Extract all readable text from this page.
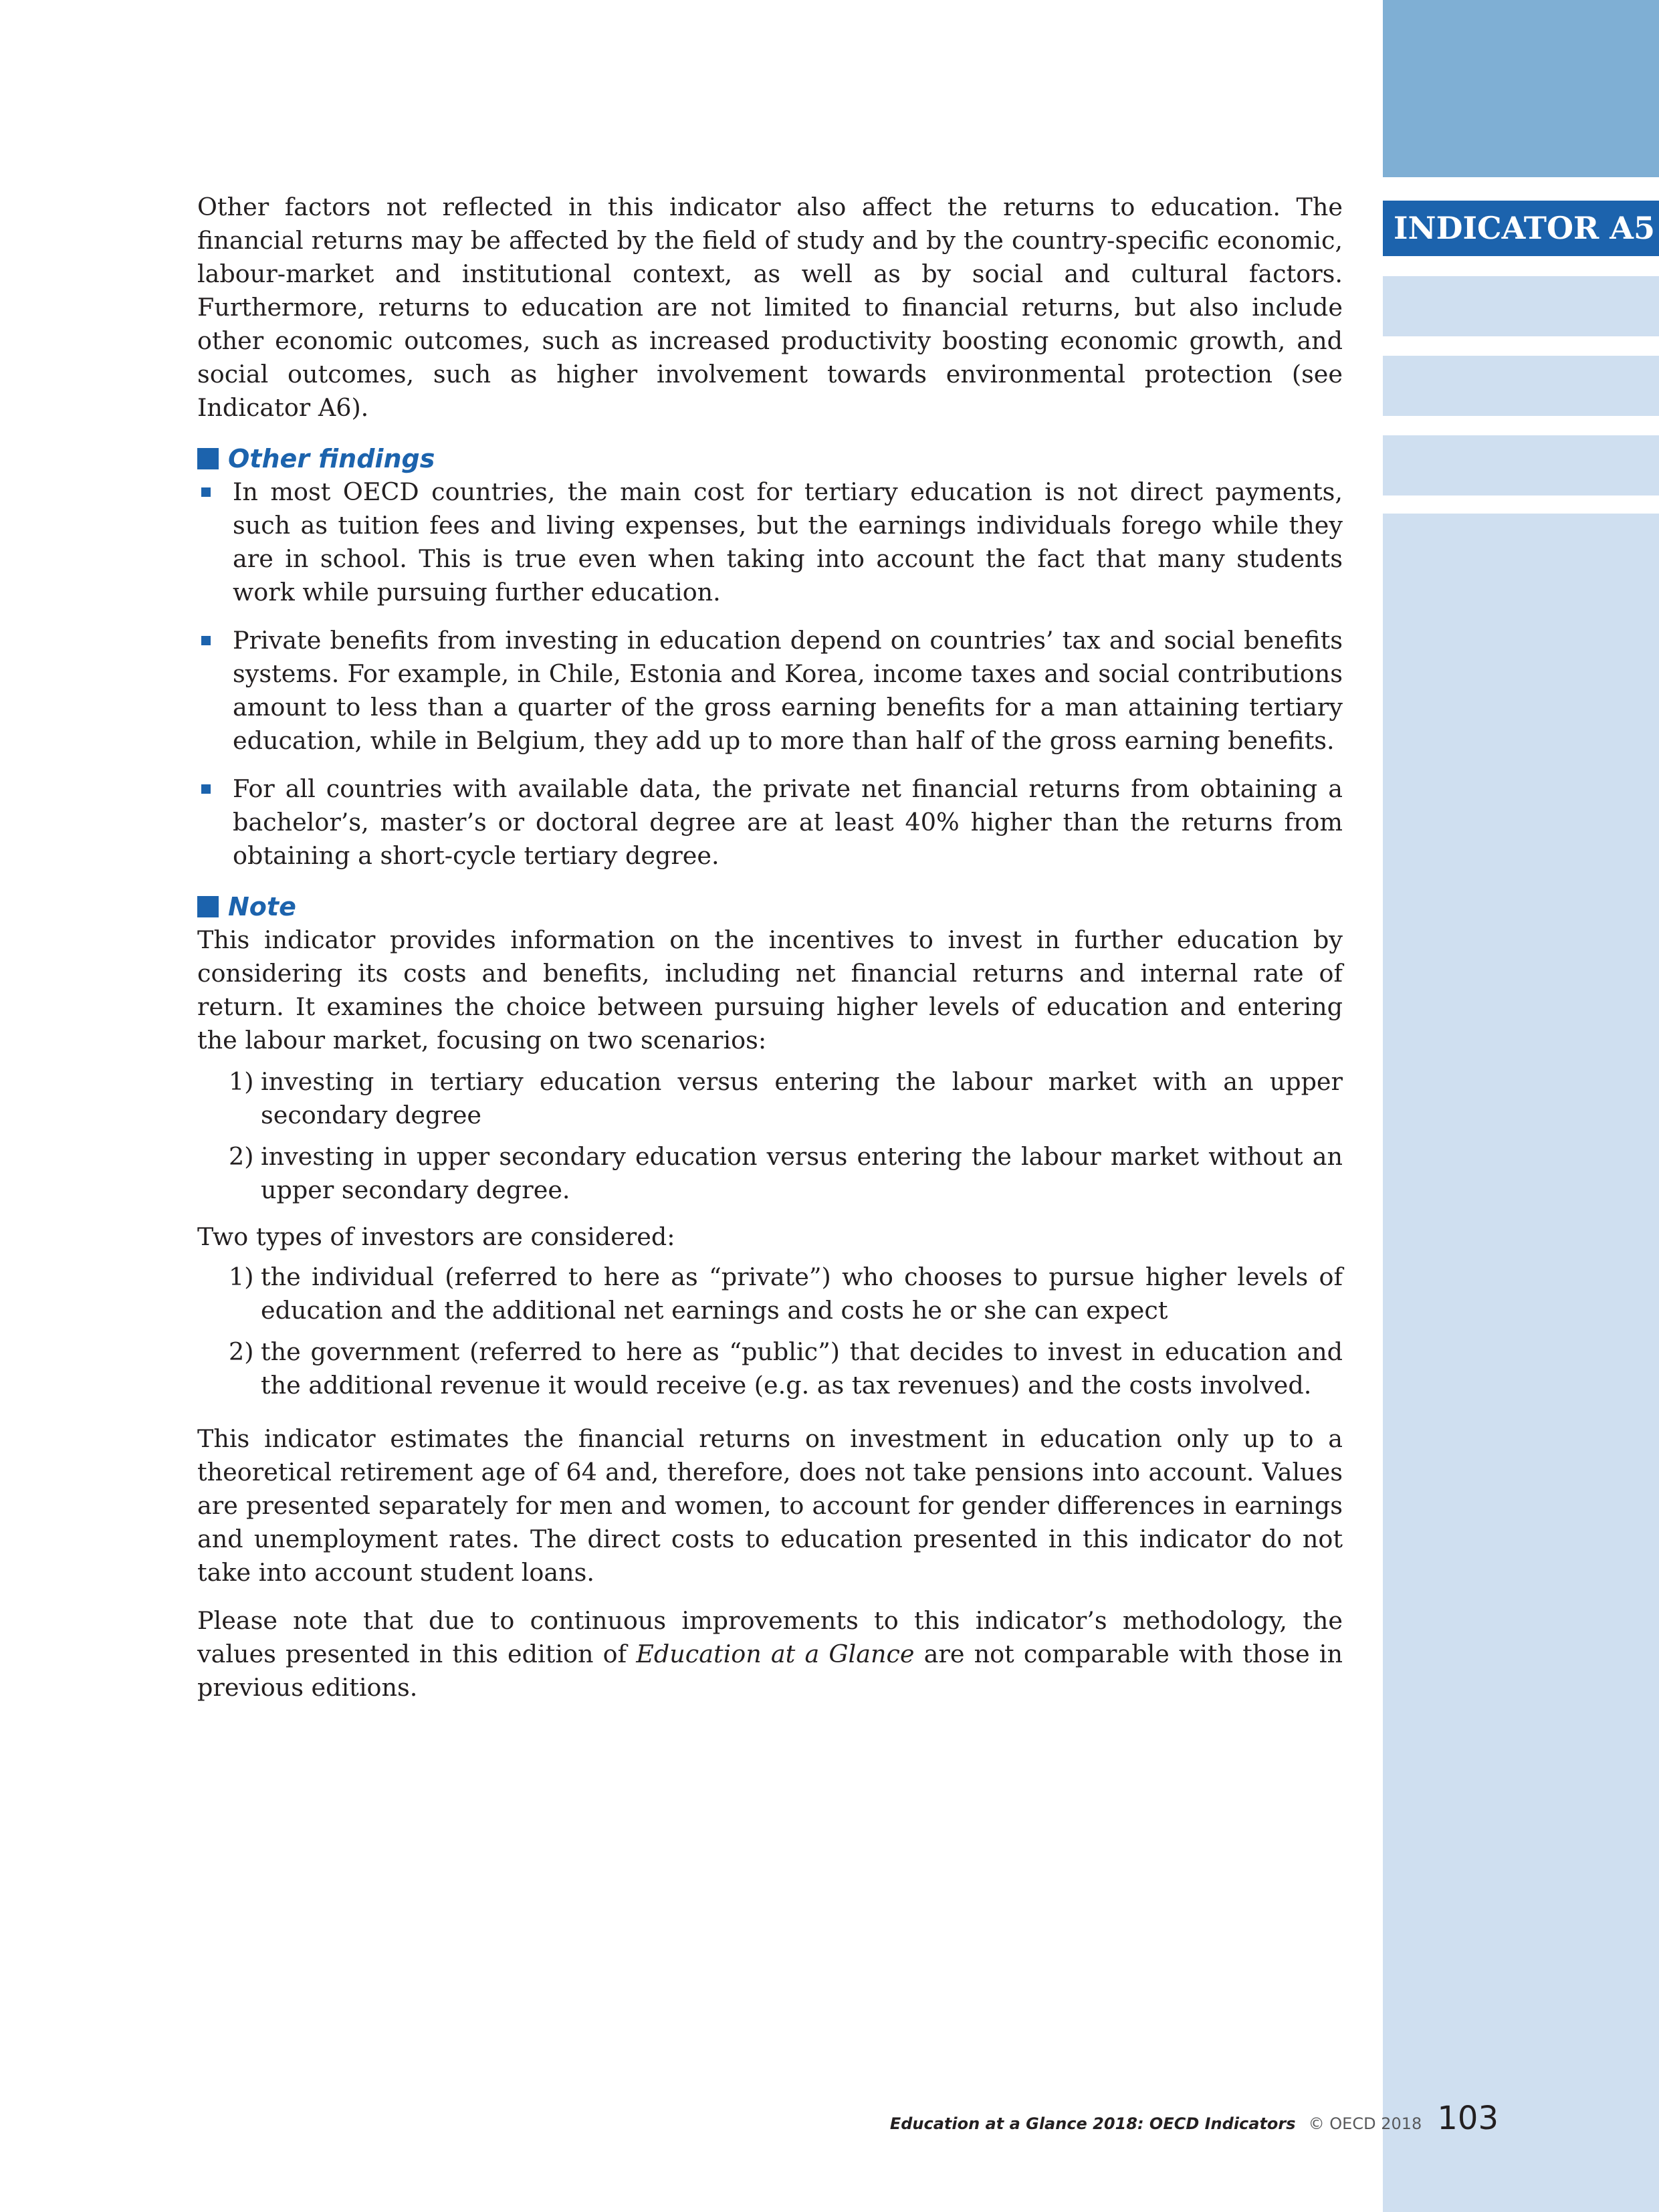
INDICATOR A5

Other factors not reflected in this indicator also affect the returns to education. The financial returns may be affected by the field of study and by the country-specific economic, labour-market and institutional context, as well as by social and cultural factors. Furthermore, returns to education are not limited to financial returns, but also include other economic outcomes, such as increased productivity boosting economic growth, and social outcomes, such as higher involvement towards environmental protection (see Indicator A6).

Other findings
In most OECD countries, the main cost for tertiary education is not direct payments, such as tuition fees and living expenses, but the earnings individuals forego while they are in school. This is true even when taking into account the fact that many students work while pursuing further education.
Private benefits from investing in education depend on countries’ tax and social benefits systems. For example, in Chile, Estonia and Korea, income taxes and social contributions amount to less than a quarter of the gross earning benefits for a man attaining tertiary education, while in Belgium, they add up to more than half of the gross earning benefits.
For all countries with available data, the private net financial returns from obtaining a bachelor’s, master’s or doctoral degree are at least 40% higher than the returns from obtaining a short-cycle tertiary degree.
Note

This indicator provides information on the incentives to invest in further education by considering its costs and benefits, including net financial returns and internal rate of return. It examines the choice between pursuing higher levels of education and entering the labour market, focusing on two scenarios:

1) investing in tertiary education versus entering the labour market with an upper secondary degree
2) investing in upper secondary education versus entering the labour market without an upper secondary degree.

Two types of investors are considered:

1) the individual (referred to here as “private”) who chooses to pursue higher levels of education and the additional net earnings and costs he or she can expect
2) the government (referred to here as “public”) that decides to invest in education and the additional revenue it would receive (e.g. as tax revenues) and the costs involved.

This indicator estimates the financial returns on investment in education only up to a theoretical retirement age of 64 and, therefore, does not take pensions into account. Values are presented separately for men and women, to account for gender differences in earnings and unemployment rates. The direct costs to education presented in this indicator do not take into account student loans.

Please note that due to continuous improvements to this indicator’s methodology, the values presented in this edition of Education at a Glance are not comparable with those in previous editions.

Education at a Glance 2018: OECD Indicators © OECD 2018 103
